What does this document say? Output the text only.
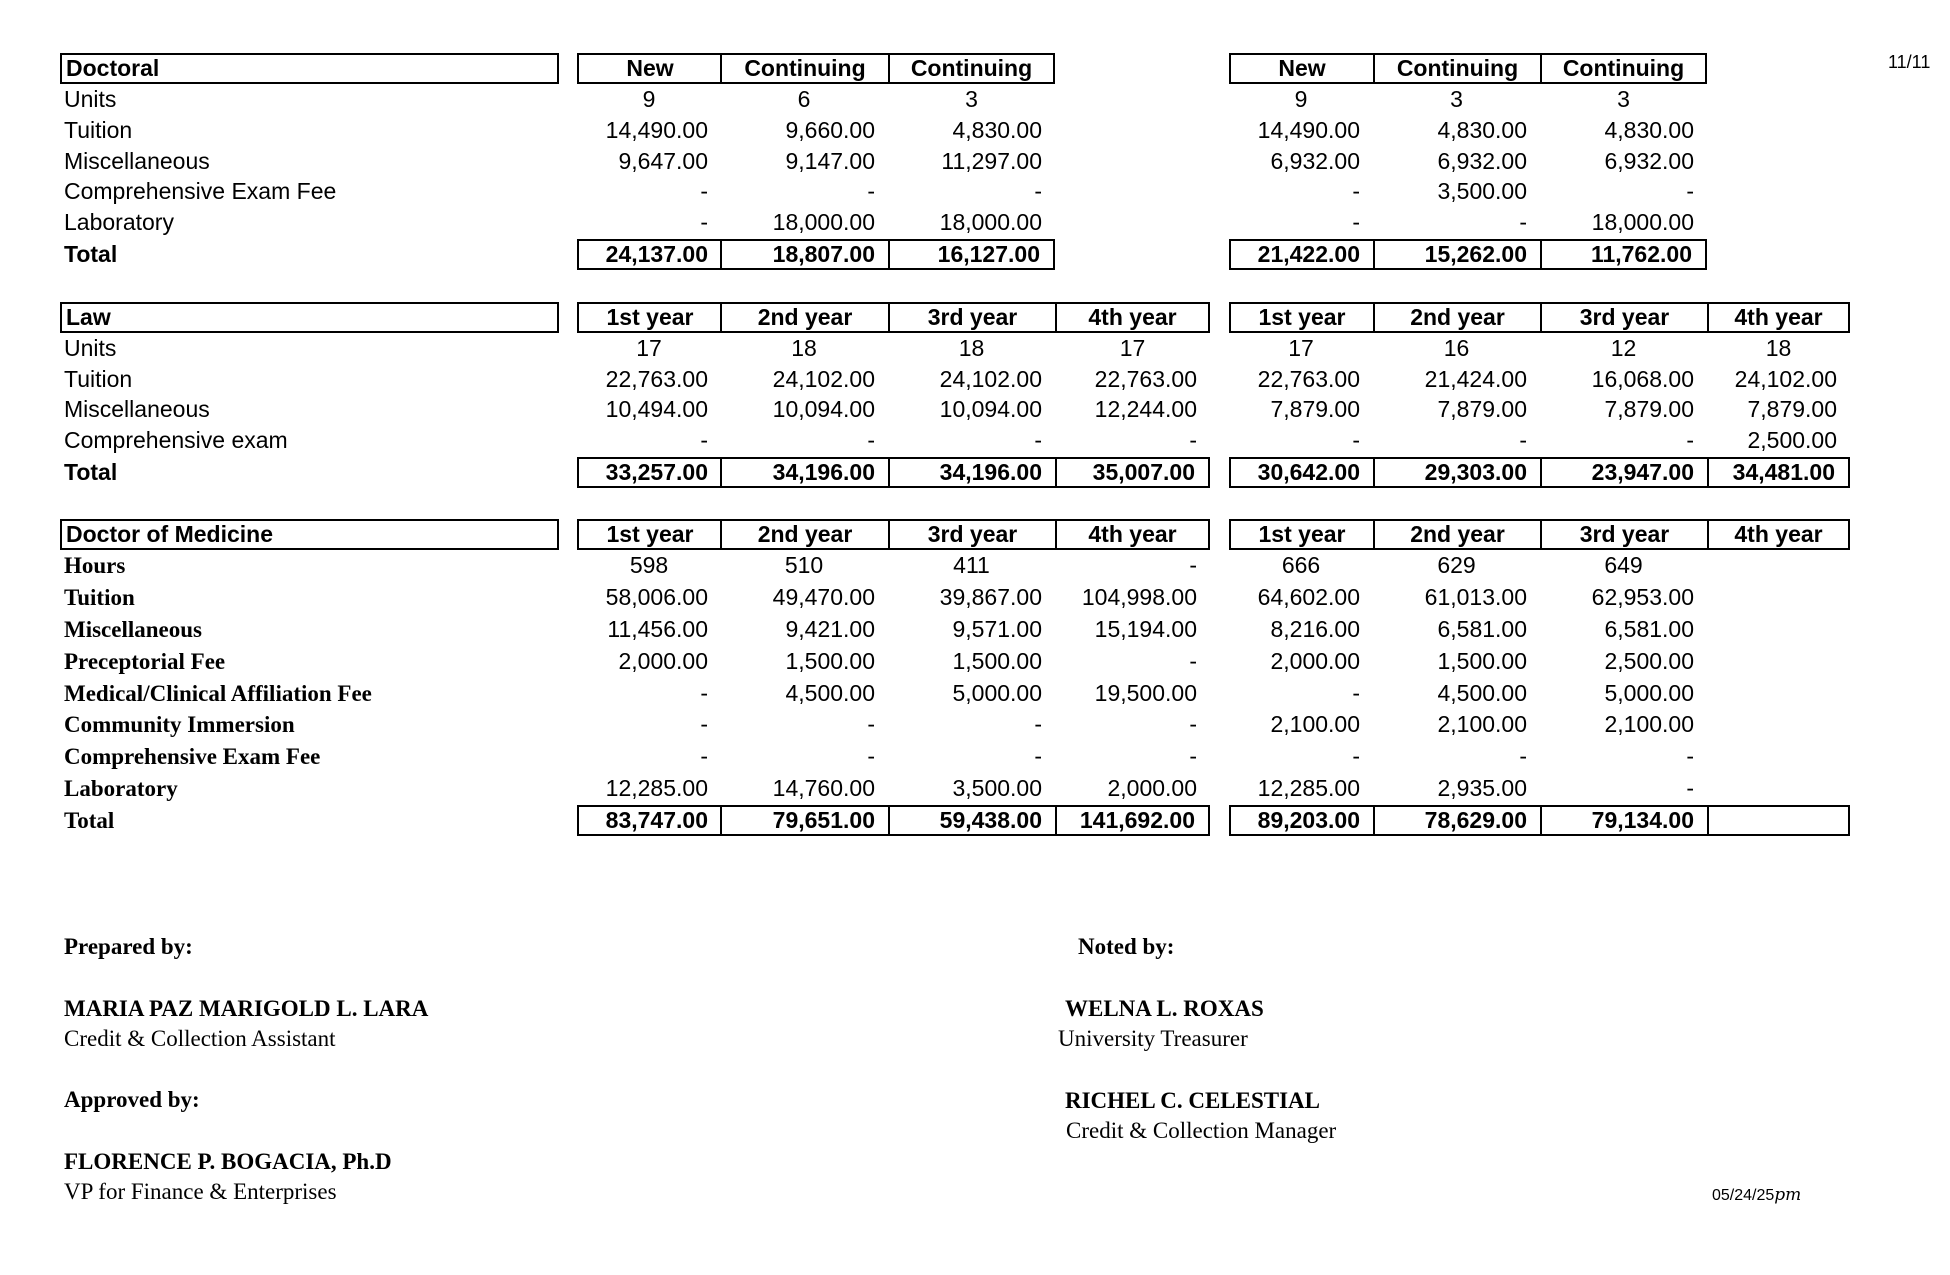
11/11
Doctoral	New	Continuing	Continuing	New	Continuing	Continuing
Units	9	6	3	9	3	3
Tuition	14,490.00	9,660.00	4,830.00	14,490.00	4,830.00	4,830.00
Miscellaneous	9,647.00	9,147.00	11,297.00	6,932.00	6,932.00	6,932.00
Comprehensive Exam Fee	-	-	-	-	3,500.00	-
Laboratory	-	18,000.00	18,000.00	-	-	18,000.00
Total	24,137.00	18,807.00	16,127.00	21,422.00	15,262.00	11,762.00
Law	1st year	2nd year	3rd year	4th year	1st year	2nd year	3rd year	4th year
Units	17	18	18	17	17	16	12	18
Tuition	22,763.00	24,102.00	24,102.00	22,763.00	22,763.00	21,424.00	16,068.00	24,102.00
Miscellaneous	10,494.00	10,094.00	10,094.00	12,244.00	7,879.00	7,879.00	7,879.00	7,879.00
Comprehensive exam	-	-	-	-	-	-	-	2,500.00
Total	33,257.00	34,196.00	34,196.00	35,007.00	30,642.00	29,303.00	23,947.00	34,481.00
Doctor of Medicine	1st year	2nd year	3rd year	4th year	1st year	2nd year	3rd year	4th year
Hours	598	510	411	-	666	629	649
Tuition	58,006.00	49,470.00	39,867.00	104,998.00	64,602.00	61,013.00	62,953.00
Miscellaneous	11,456.00	9,421.00	9,571.00	15,194.00	8,216.00	6,581.00	6,581.00
Preceptorial Fee	2,000.00	1,500.00	1,500.00	-	2,000.00	1,500.00	2,500.00
Medical/Clinical Affiliation Fee	-	4,500.00	5,000.00	19,500.00	-	4,500.00	5,000.00
Community Immersion	-	-	-	-	2,100.00	2,100.00	2,100.00
Comprehensive Exam Fee	-	-	-	-	-	-	-
Laboratory	12,285.00	14,760.00	3,500.00	2,000.00	12,285.00	2,935.00	-
Total	83,747.00	79,651.00	59,438.00	141,692.00	89,203.00	78,629.00	79,134.00
Prepared by:
MARIA PAZ MARIGOLD L. LARA
Credit & Collection Assistant
Approved by:
FLORENCE P. BOGACIA, Ph.D
VP for Finance & Enterprises
Noted by:
WELNA L. ROXAS
University Treasurer
RICHEL C. CELESTIAL
Credit & Collection Manager
05/24/25pm
